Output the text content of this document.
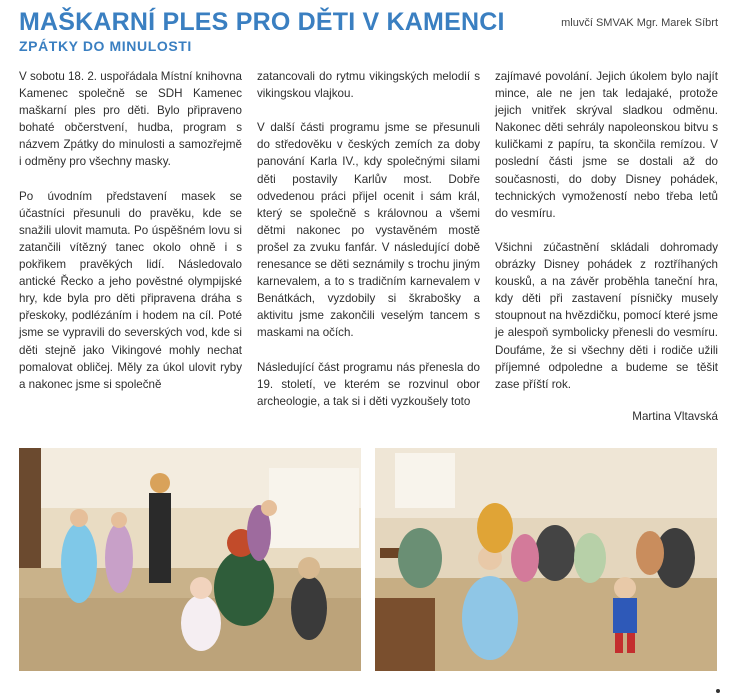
MAŠKARNÍ PLES PRO DĚTI V KAMENCI
ZPÁTKY DO MINULOSTI
mluvčí SMVAK Mgr. Marek Síbrt

V sobotu 18. 2. uspořádala Místní knihovna Kamenec společně se SDH Kamenec maškarní ples pro děti. Bylo připraveno bohaté občerstvení, hudba, program s názvem Zpátky do minulosti a samozřejmě i odměny pro všechny masky.

Po úvodním představení masek se účastníci přesunuli do pravěku, kde se snažili ulovit mamuta. Po úspěšném lovu si zatančili vítězný tanec okolo ohně i s pokřikem pravěkých lidí. Následovalo antické Řecko a jeho pověstné olympijské hry, kde byla pro děti připravena dráha s přeskoky, podlézáním i hodem na cíl. Poté jsme se vypravili do severských vod, kde si děti stejně jako Vikingové mohly nechat pomalovat obličej. Měly za úkol ulovit ryby a nakonec jsme si společně

zatancovali do rytmu vikingských melodií s vikingskou vlajkou.

V další části programu jsme se přesunuli do středověku v českých zemích za doby panování Karla IV., kdy společnými silami děti postavily Karlův most. Dobře odvedenou práci přijel ocenit i sám král, který se společně s královnou a všemi dětmi nakonec po vystavěném mostě prošel za zvuku fanfár. V následující době renesance se děti seznámily s trochu jiným karnevalem, a to s tradičním karnevalem v Benátkách, vyzdobily si škrabošky a aktivitu jsme zakončili veselým tancem s maskami na očích.

Následující část programu nás přenesla do 19. století, ve kterém se rozvinul obor archeologie, a tak si i děti vyzkoušely toto

zajímavé povolání. Jejich úkolem bylo najít mince, ale ne jen tak ledajaké, protože jejich vnitřek skrýval sladkou odměnu. Nakonec děti sehrály napoleonskou bitvu s kuličkami z papíru, ta skončila remízou. V poslední části jsme se dostali až do současnosti, do doby Disney pohádek, technických vymožeností nebo třeba letů do vesmíru.

Všichni zúčastnění skládali dohromady obrázky Disney pohádek z roztříhaných kousků, a na závěr proběhla taneční hra, kdy děti při zastavení písničky musely stoupnout na hvězdičku, pomocí které jsme je alespoň symbolicky přenesli do vesmíru. Doufáme, že si všechny děti i rodiče užili příjemné odpoledne a budeme se těšit zase příští rok.

Martina Vltavská
